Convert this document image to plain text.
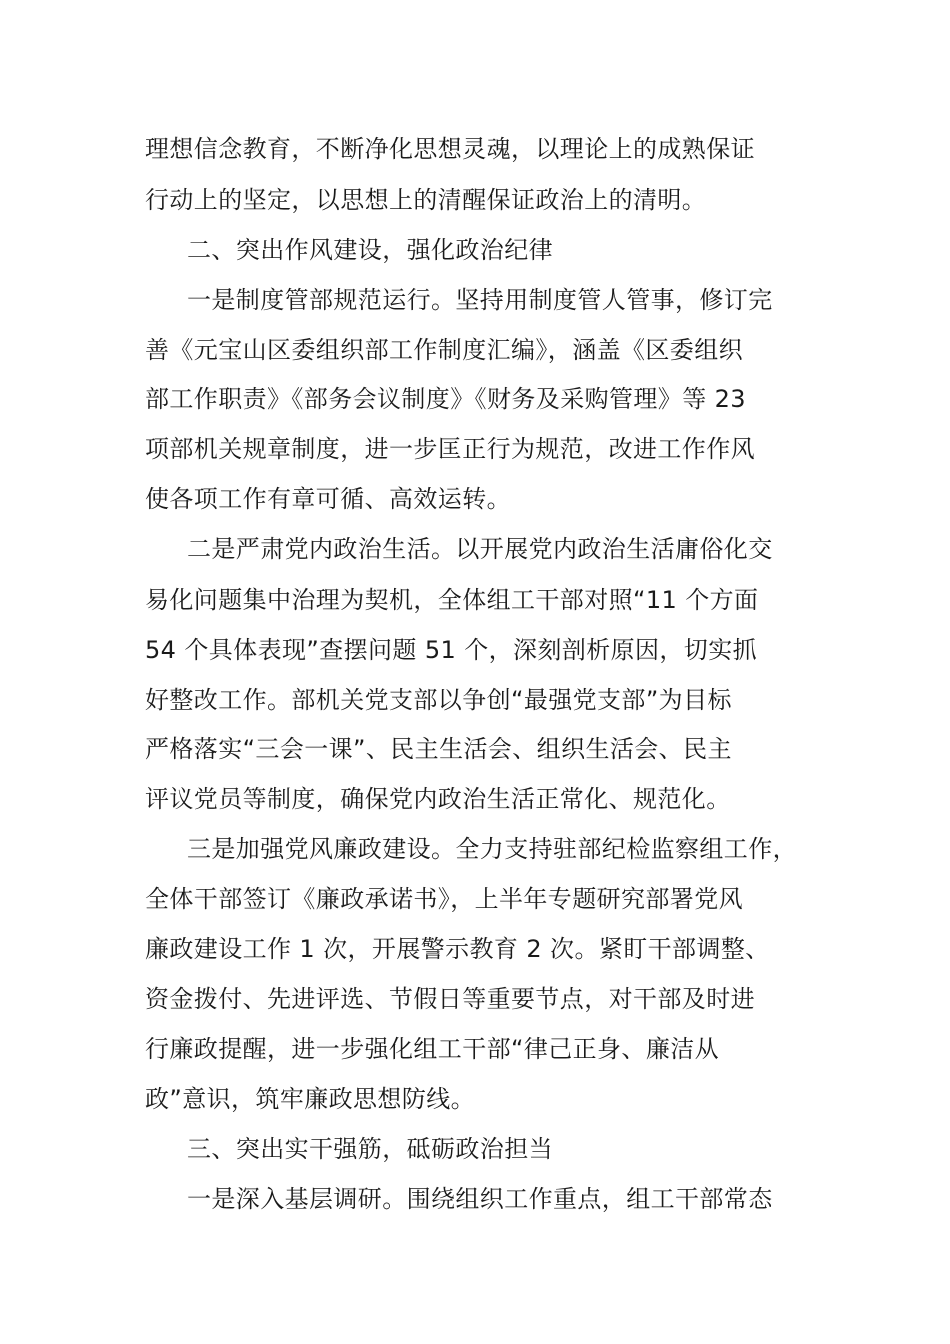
理想信念教育，不断净化思想灵魂，以理论上的成熟保证
行动上的坚定，以思想上的清醒保证政治上的清明。
二、突出作风建设，强化政治纪律
一是制度管部规范运行。坚持用制度管人管事，修订完
善《元宝山区委组织部工作制度汇编》，涵盖《区委组织
部工作职责》《部务会议制度》《财务及采购管理》等 23
项部机关规章制度，进一步匡正行为规范，改进工作作风
使各项工作有章可循、高效运转。
二是严肃党内政治生活。以开展党内政治生活庸俗化交
易化问题集中治理为契机，全体组工干部对照“11 个方面
54 个具体表现”查摆问题 51 个，深刻剖析原因，切实抓
好整改工作。部机关党支部以争创“最强党支部”为目标
严格落实“三会一课”、民主生活会、组织生活会、民主
评议党员等制度，确保党内政治生活正常化、规范化。
三是加强党风廉政建设。全力支持驻部纪检监察组工作，
全体干部签订《廉政承诺书》，上半年专题研究部署党风
廉政建设工作 1 次，开展警示教育 2 次。紧盯干部调整、
资金拨付、先进评选、节假日等重要节点，对干部及时进
行廉政提醒，进一步强化组工干部“律己正身、廉洁从
政”意识，筑牢廉政思想防线。
三、突出实干强筋，砥砺政治担当
一是深入基层调研。围绕组织工作重点，组工干部常态
